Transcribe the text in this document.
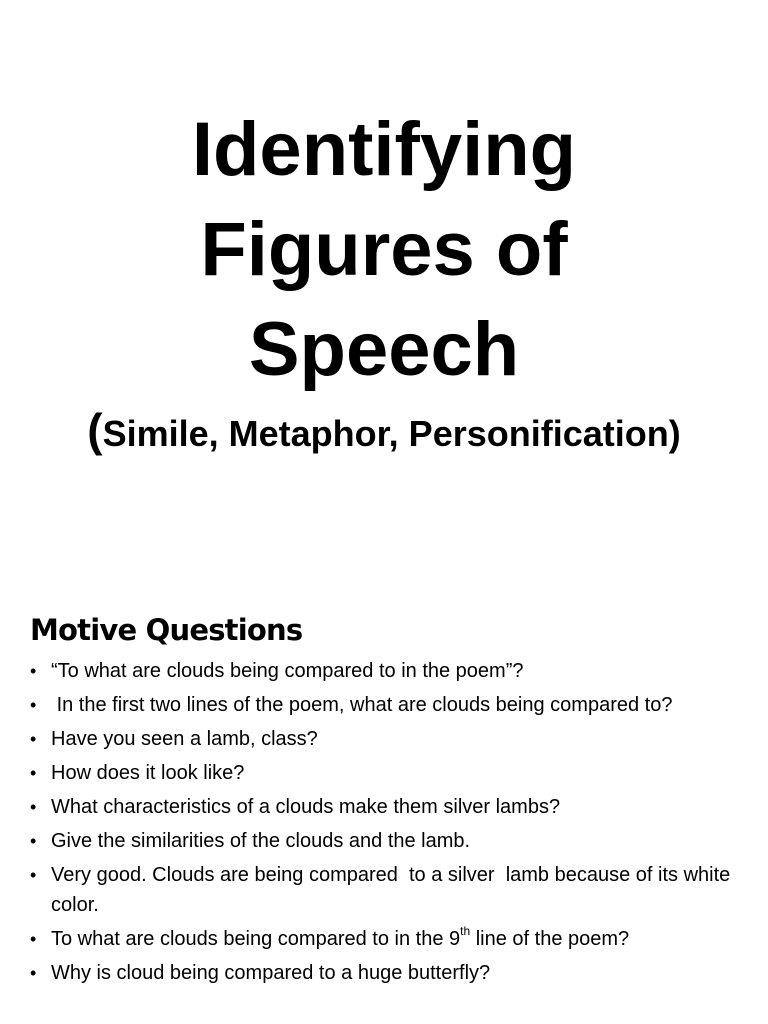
Identifying
Figures of
Speech

(Simile, Metaphor, Personification)

Motive Questions
• “To what are clouds being compared to in the poem”?
• In the first two lines of the poem, what are clouds being compared to?
• Have you seen a lamb, class?
• How does it look like?
• What characteristics of a clouds make them silver lambs?
• Give the similarities of the clouds and the lamb.
• Very good. Clouds are being compared  to a silver  lamb because of its white  color.
• To what are clouds being compared to in the 9th line of the poem?
• Why is cloud being compared to a huge butterfly?
